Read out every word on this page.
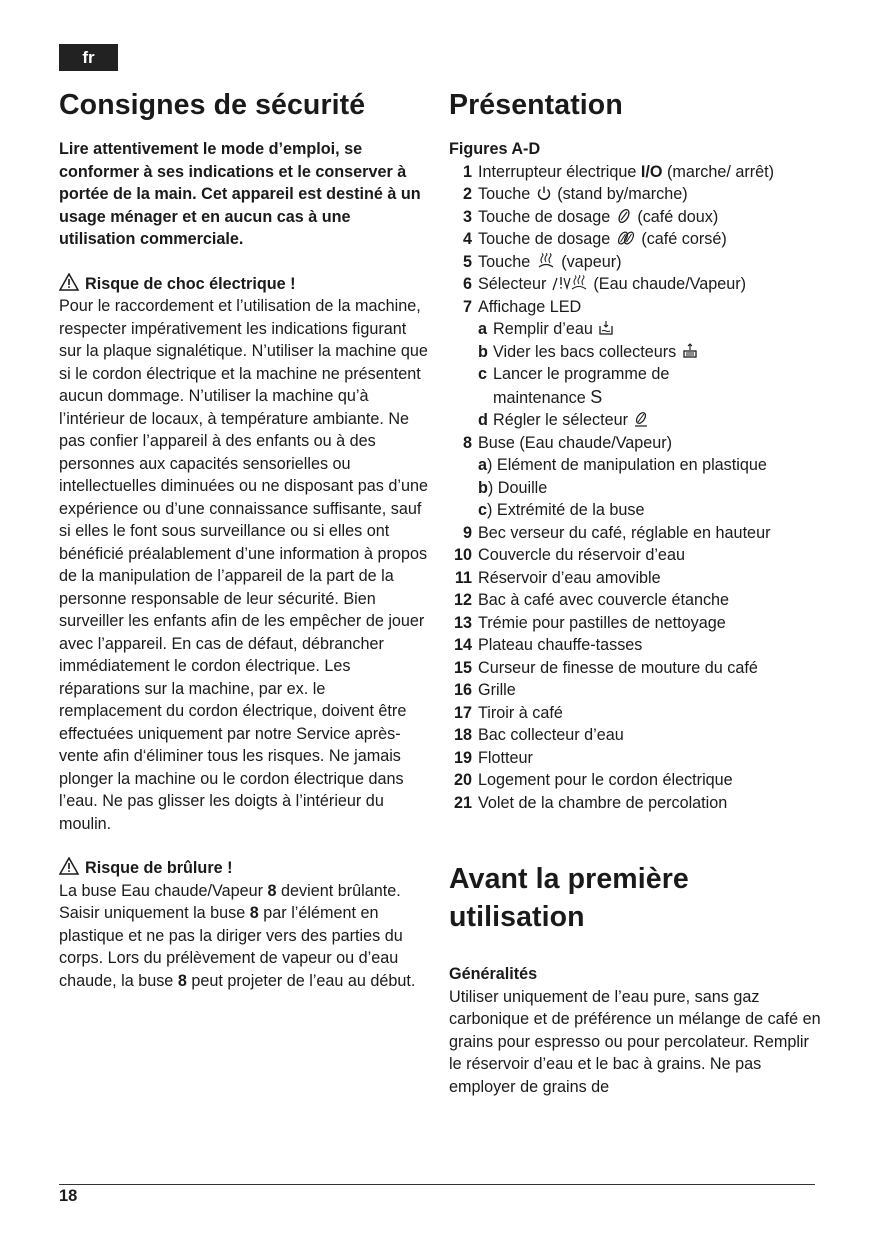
fr
Consignes de sécurité
Lire attentivement le mode d’emploi, se conformer à ses indications et le conserver à portée de la main. Cet appareil est destiné à un usage ménager et en aucun cas à une utilisation commerciale.
Risque de choc électrique !
Pour le raccordement et l’utilisation de la machine, respecter impérativement les indications figurant sur la plaque signalétique. N’utiliser la machine que si le cordon électrique et la machine ne présentent aucun dommage. N’utiliser la machine qu’à l’intérieur de locaux, à température ambiante. Ne pas confier l’appareil à des enfants ou à des personnes aux capacités sensorielles ou intellectuelles diminuées ou ne disposant pas d’une expérience ou d’une connaissance suffisante, sauf si elles le font sous surveillance ou si elles ont bénéficié préalablement d’une information à propos de la manipulation de l’appareil de la part de la personne responsable de leur sécurité. Bien surveiller les enfants afin de les empêcher de jouer avec l’appareil. En cas de défaut, débrancher immédiatement le cordon électrique. Les réparations sur la machine, par ex. le remplacement du cordon électrique, doivent être effectuées uniquement par notre Service après-vente afin d‘éliminer tous les risques. Ne jamais plonger la machine ou le cordon électrique dans l’eau. Ne pas glisser les doigts à l’intérieur du moulin.
Risque de brûlure !
La buse Eau chaude/Vapeur 8 devient brûlante. Saisir uniquement la buse 8 par l’élément en plastique et ne pas la diriger vers des parties du corps. Lors du prélèvement de vapeur ou d’eau chaude, la buse 8 peut projeter de l’eau au début.
Présentation
Figures A-D
1 Interrupteur électrique I/O (marche/ arrêt)
2 Touche (stand by/marche)
3 Touche de dosage (café doux)
4 Touche de dosage (café corsé)
5 Touche (vapeur)
6 Sélecteur	(Eau chaude/Vapeur)
7 Affichage LED
a Remplir d’eau
b Vider les bacs collecteurs
c Lancer le programme de
maintenance S
d Régler le sélecteur
8 Buse (Eau chaude/Vapeur)
a) Elément de manipulation en plastique
b) Douille
c) Extrémité de la buse
9 Bec verseur du café, réglable en hauteur
10 Couvercle du réservoir d’eau
11 Réservoir d’eau amovible
12 Bac à café avec couvercle étanche
13 Trémie pour pastilles de nettoyage
14 Plateau chauffe-tasses
15 Curseur de finesse de mouture du café
16 Grille
17 Tiroir à café
18 Bac collecteur d’eau
19 Flotteur
20 Logement pour le cordon électrique
21 Volet de la chambre de percolation
Avant la première utilisation
Généralités
Utiliser uniquement de l’eau pure, sans gaz carbonique et de préférence un mélange de café en grains pour espresso ou pour percolateur. Remplir le réservoir d’eau et le bac à grains. Ne pas employer de grains de
18
